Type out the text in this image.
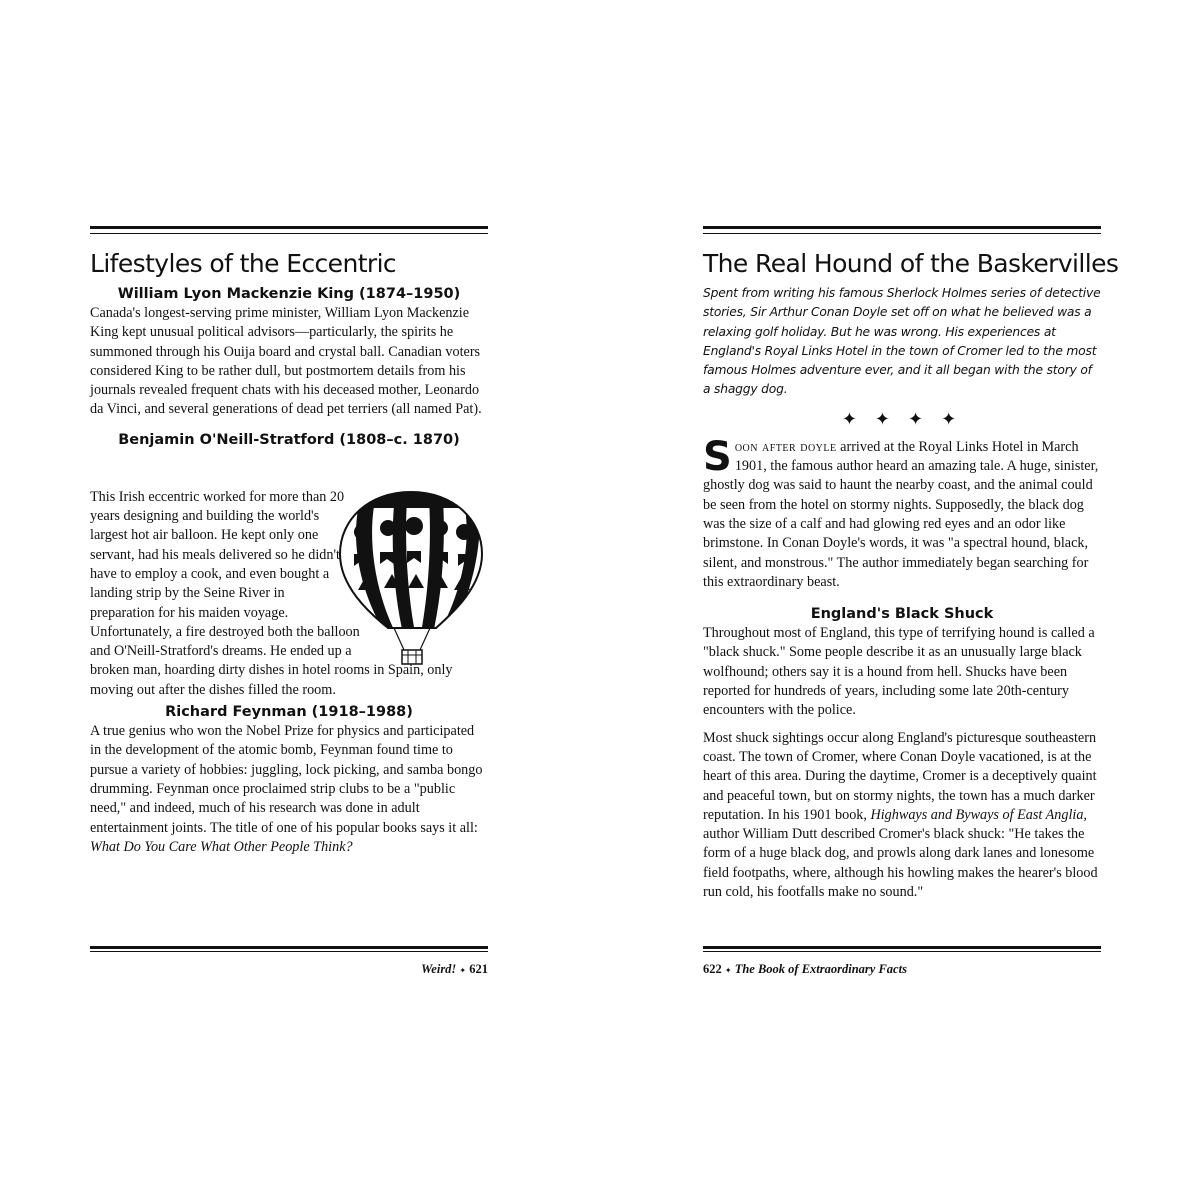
Lifestyles of the Eccentric
William Lyon Mackenzie King (1874–1950)

Canada's longest-serving prime minister, William Lyon Mackenzie King kept unusual political advisors—particularly, the spirits he summoned through his Ouija board and crystal ball. Canadian voters considered King to be rather dull, but postmortem details from his journals revealed frequent chats with his deceased mother, Leonardo da Vinci, and several generations of dead pet terriers (all named Pat).

Benjamin O'Neill-Stratford (1808–c. 1870)
This Irish eccentric worked for more than 20 years designing and building the world's largest hot air balloon. He kept only one servant, had his meals delivered so he didn't have to employ a cook, and even bought a landing strip by the Seine River in preparation for his maiden voyage. Unfortunately, a fire destroyed both the balloon and O'Neill-Stratford's dreams. He ended up a broken man, hoarding dirty dishes in hotel rooms in Spain, only moving out after the dishes filled the room.
Richard Feynman (1918–1988)

A true genius who won the Nobel Prize for physics and participated in the development of the atomic bomb, Feynman found time to pursue a variety of hobbies: juggling, lock picking, and samba bongo drumming. Feynman once proclaimed strip clubs to be a "public need," and indeed, much of his research was done in adult entertainment joints. The title of one of his popular books says it all: What Do You Care What Other People Think?

Weird! ✦ 621
The Real Hound of the Baskervilles

Spent from writing his famous Sherlock Holmes series of detective stories, Sir Arthur Conan Doyle set off on what he believed was a relaxing golf holiday. But he was wrong. His experiences at England's Royal Links Hotel in the town of Cromer led to the most famous Holmes adventure ever, and it all began with the story of a shaggy dog.

✦✦✦✦

Soon after doyle arrived at the Royal Links Hotel in March 1901, the famous author heard an amazing tale. A huge, sinister, ghostly dog was said to haunt the nearby coast, and the animal could be seen from the hotel on stormy nights. Supposedly, the black dog was the size of a calf and had glowing red eyes and an odor like brimstone. In Conan Doyle's words, it was "a spectral hound, black, silent, and monstrous." The author immediately began searching for this extraordinary beast.

England's Black Shuck

Throughout most of England, this type of terrifying hound is called a "black shuck." Some people describe it as an unusually large black wolfhound; others say it is a hound from hell. Shucks have been reported for hundreds of years, including some late 20th-century encounters with the police.

Most shuck sightings occur along England's picturesque southeastern coast. The town of Cromer, where Conan Doyle vacationed, is at the heart of this area. During the daytime, Cromer is a deceptively quaint and peaceful town, but on stormy nights, the town has a much darker reputation. In his 1901 book, Highways and Byways of East Anglia, author William Dutt described Cromer's black shuck: "He takes the form of a huge black dog, and prowls along dark lanes and lonesome field footpaths, where, although his howling makes the hearer's blood run cold, his footfalls make no sound."

622 ✦ The Book of Extraordinary Facts
